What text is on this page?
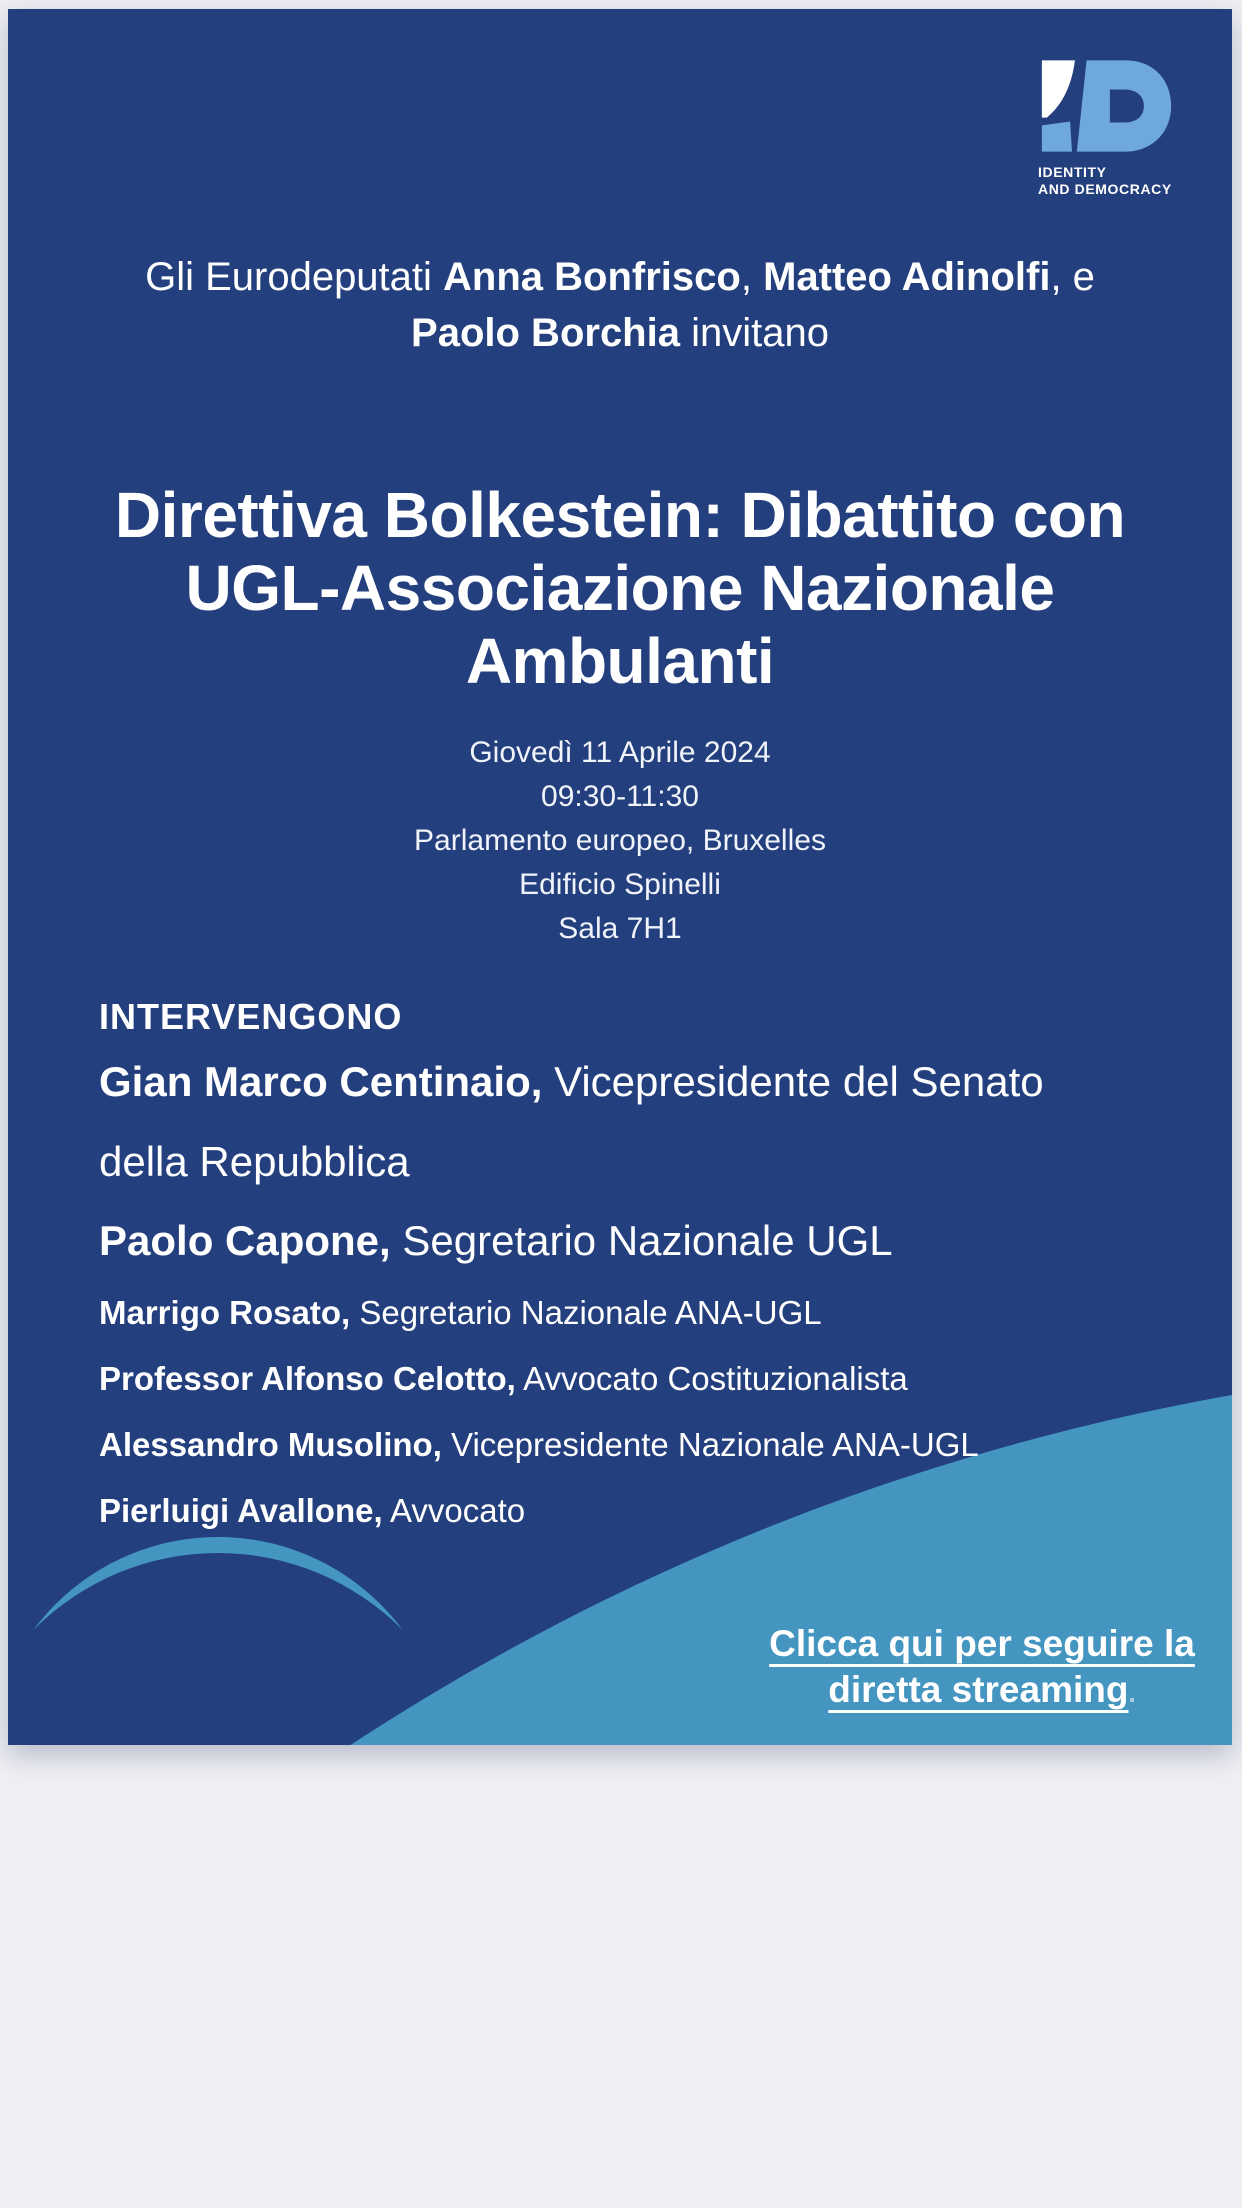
IDENTITY
AND DEMOCRACY
Gli Eurodeputati Anna Bonfrisco, Matteo Adinolfi, e
Paolo Borchia invitano
Direttiva Bolkestein: Dibattito con
UGL-Associazione Nazionale
Ambulanti
Giovedì 11 Aprile 2024
09:30-11:30
Parlamento europeo, Bruxelles
Edificio Spinelli
Sala 7H1
INTERVENGONO
Gian Marco Centinaio, Vicepresidente del Senato
della Repubblica
Paolo Capone, Segretario Nazionale UGL
Marrigo Rosato, Segretario Nazionale ANA-UGL
Professor Alfonso Celotto, Avvocato Costituzionalista
Alessandro Musolino, Vicepresidente Nazionale ANA-UGL
Pierluigi Avallone, Avvocato
Clicca qui per seguire la
diretta streaming.
